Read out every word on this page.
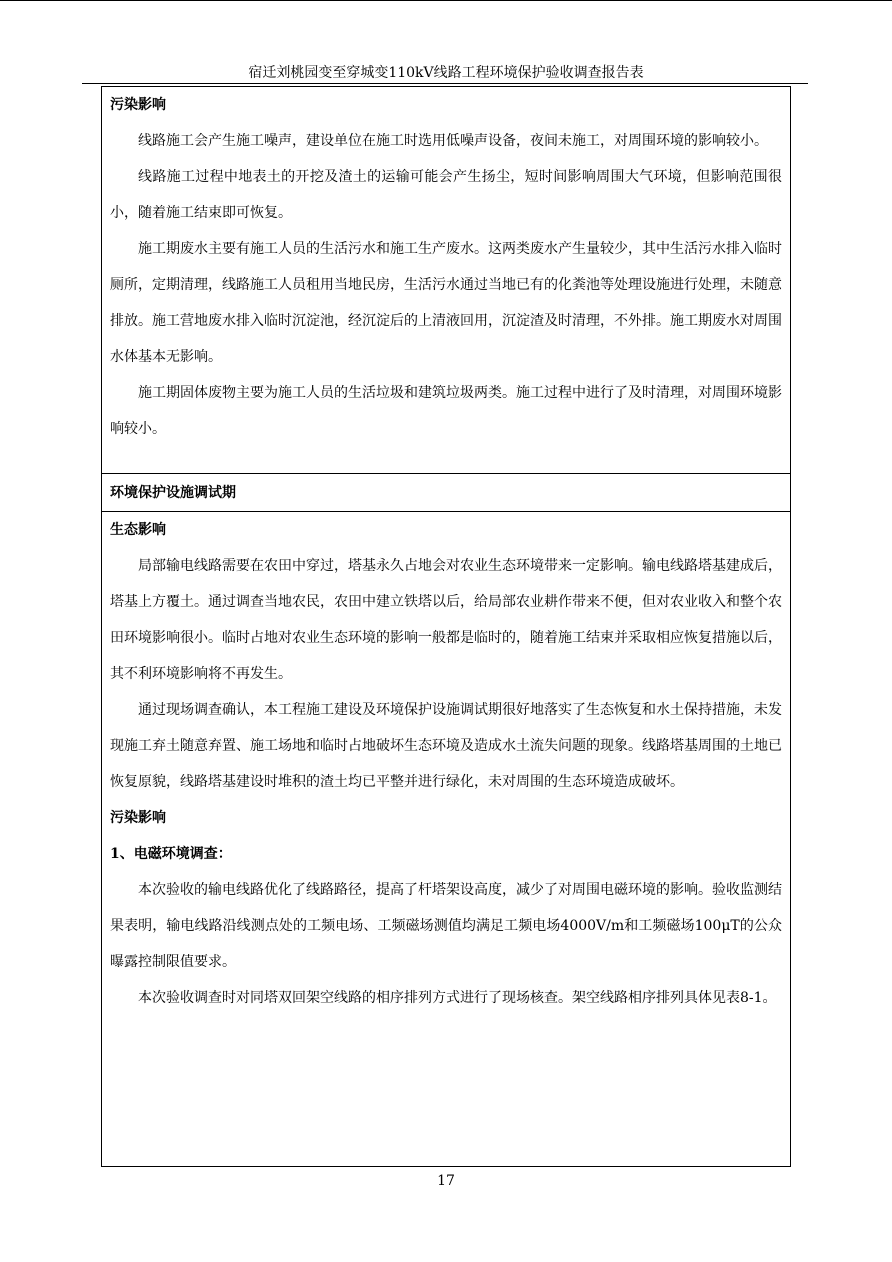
宿迁刘桃园变至穿城变110kV线路工程环境保护验收调查报告表
污染影响

线路施工会产生施工噪声，建设单位在施工时选用低噪声设备，夜间未施工，对周围环境的影响较小。

线路施工过程中地表土的开挖及渣土的运输可能会产生扬尘，短时间影响周围大气环境，但影响范围很小，随着施工结束即可恢复。

施工期废水主要有施工人员的生活污水和施工生产废水。这两类废水产生量较少，其中生活污水排入临时厕所，定期清理，线路施工人员租用当地民房，生活污水通过当地已有的化粪池等处理设施进行处理，未随意排放。施工营地废水排入临时沉淀池，经沉淀后的上清液回用，沉淀渣及时清理，不外排。施工期废水对周围水体基本无影响。

施工期固体废物主要为施工人员的生活垃圾和建筑垃圾两类。施工过程中进行了及时清理，对周围环境影响较小。

环境保护设施调试期
生态影响

局部输电线路需要在农田中穿过，塔基永久占地会对农业生态环境带来一定影响。输电线路塔基建成后，塔基上方覆土。通过调查当地农民，农田中建立铁塔以后，给局部农业耕作带来不便，但对农业收入和整个农田环境影响很小。临时占地对农业生态环境的影响一般都是临时的，随着施工结束并采取相应恢复措施以后，其不利环境影响将不再发生。

通过现场调查确认，本工程施工建设及环境保护设施调试期很好地落实了生态恢复和水土保持措施，未发现施工弃土随意弃置、施工场地和临时占地破坏生态环境及造成水土流失问题的现象。线路塔基周围的土地已恢复原貌，线路塔基建设时堆积的渣土均已平整并进行绿化，未对周围的生态环境造成破坏。

污染影响
1、电磁环境调查：

本次验收的输电线路优化了线路路径，提高了杆塔架设高度，减少了对周围电磁环境的影响。验收监测结果表明，输电线路沿线测点处的工频电场、工频磁场测值均满足工频电场4000V/m和工频磁场100μT的公众曝露控制限值要求。

本次验收调查时对同塔双回架空线路的相序排列方式进行了现场核查。架空线路相序排列具体见表8-1。

17
